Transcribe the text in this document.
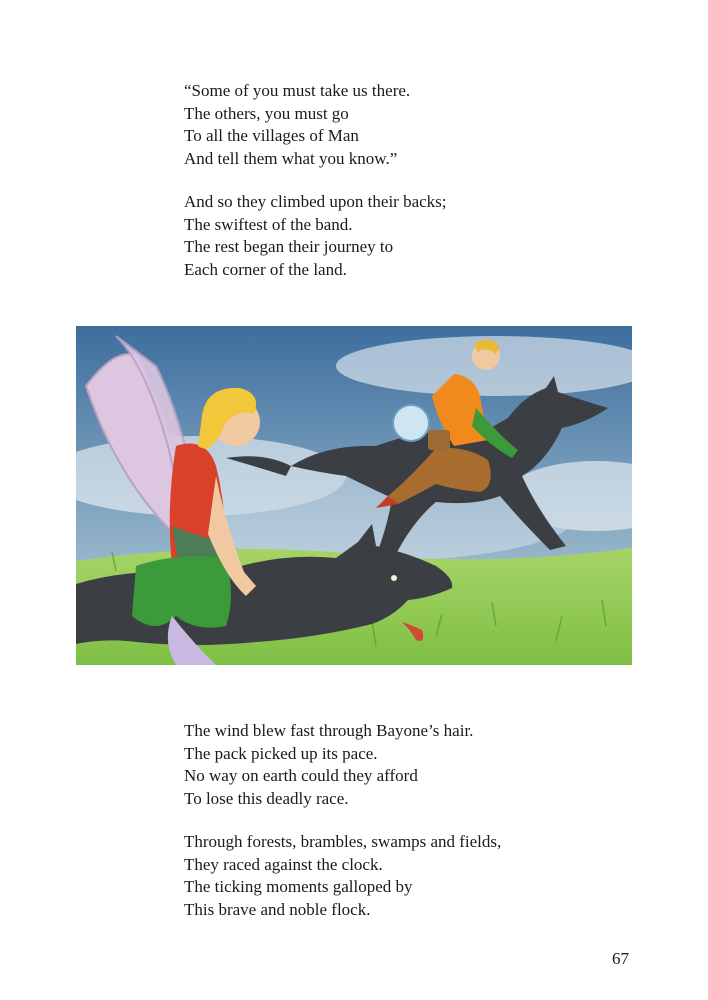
“Some of you must take us there.
The others, you must go
To all the villages of Man
And tell them what you know.”
And so they climbed upon their backs;
The swiftest of the band.
The rest began their journey to
Each corner of the land.
The wind blew fast through Bayone’s hair.
The pack picked up its pace.
No way on earth could they afford
To lose this deadly race.
Through forests, brambles, swamps and fields,
They raced against the clock.
The ticking moments galloped by
This brave and noble flock.
67
